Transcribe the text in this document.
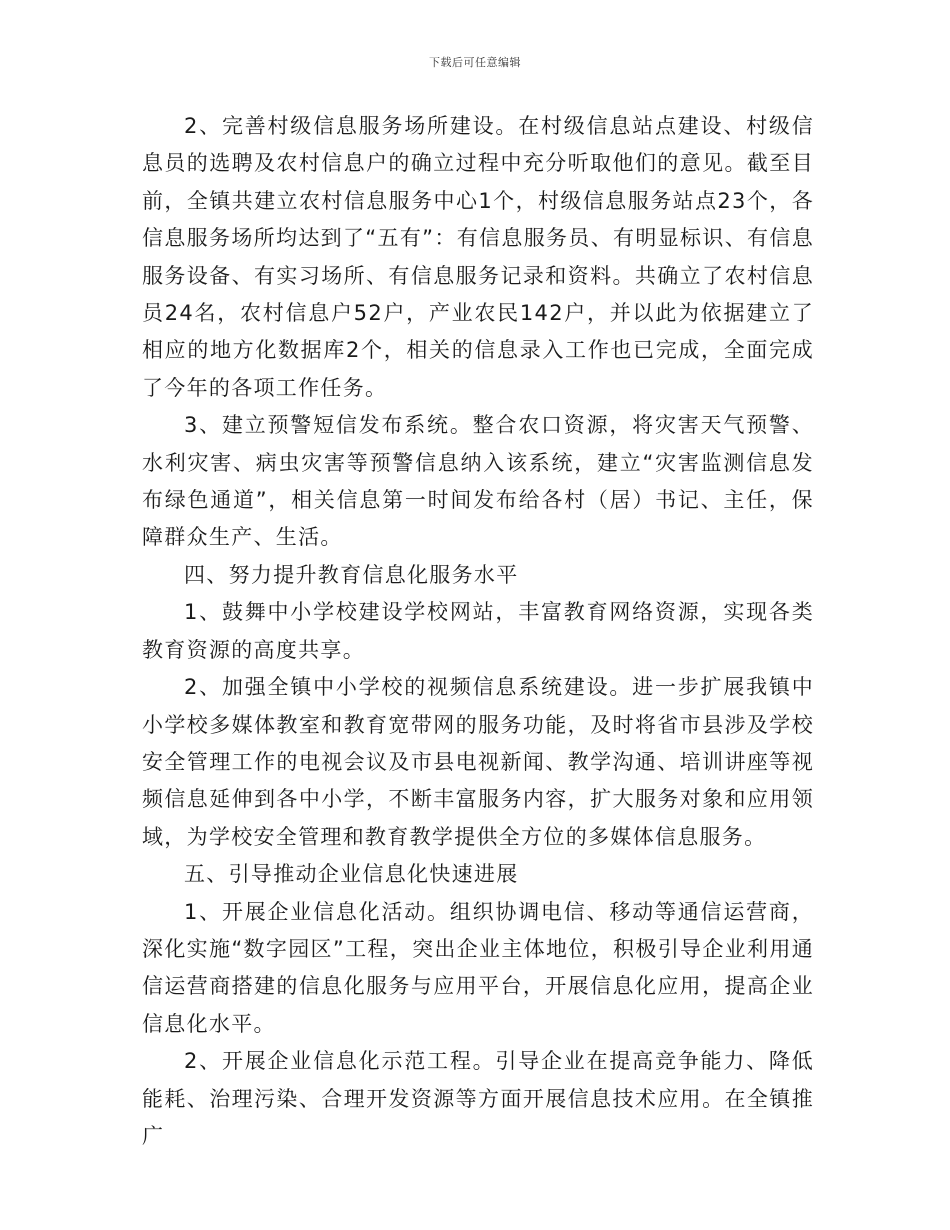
下载后可任意编辑

2、完善村级信息服务场所建设。在村级信息站点建设、村级信息员的选聘及农村信息户的确立过程中充分听取他们的意见。截至目前，全镇共建立农村信息服务中心1个，村级信息服务站点23个，各信息服务场所均达到了“五有”：有信息服务员、有明显标识、有信息服务设备、有实习场所、有信息服务记录和资料。共确立了农村信息员24名，农村信息户52户，产业农民142户，并以此为依据建立了相应的地方化数据库2个，相关的信息录入工作也已完成，全面完成了今年的各项工作任务。

3、建立预警短信发布系统。整合农口资源，将灾害天气预警、水利灾害、病虫灾害等预警信息纳入该系统，建立“灾害监测信息发布绿色通道”，相关信息第一时间发布给各村（居）书记、主任，保障群众生产、生活。

四、努力提升教育信息化服务水平

1、鼓舞中小学校建设学校网站，丰富教育网络资源，实现各类教育资源的高度共享。

2、加强全镇中小学校的视频信息系统建设。进一步扩展我镇中小学校多媒体教室和教育宽带网的服务功能，及时将省市县涉及学校安全管理工作的电视会议及市县电视新闻、教学沟通、培训讲座等视频信息延伸到各中小学，不断丰富服务内容，扩大服务对象和应用领域，为学校安全管理和教育教学提供全方位的多媒体信息服务。

五、引导推动企业信息化快速进展

1、开展企业信息化活动。组织协调电信、移动等通信运营商，深化实施“数字园区”工程，突出企业主体地位，积极引导企业利用通信运营商搭建的信息化服务与应用平台，开展信息化应用，提高企业信息化水平。

2、开展企业信息化示范工程。引导企业在提高竞争能力、降低能耗、治理污染、合理开发资源等方面开展信息技术应用。在全镇推广
